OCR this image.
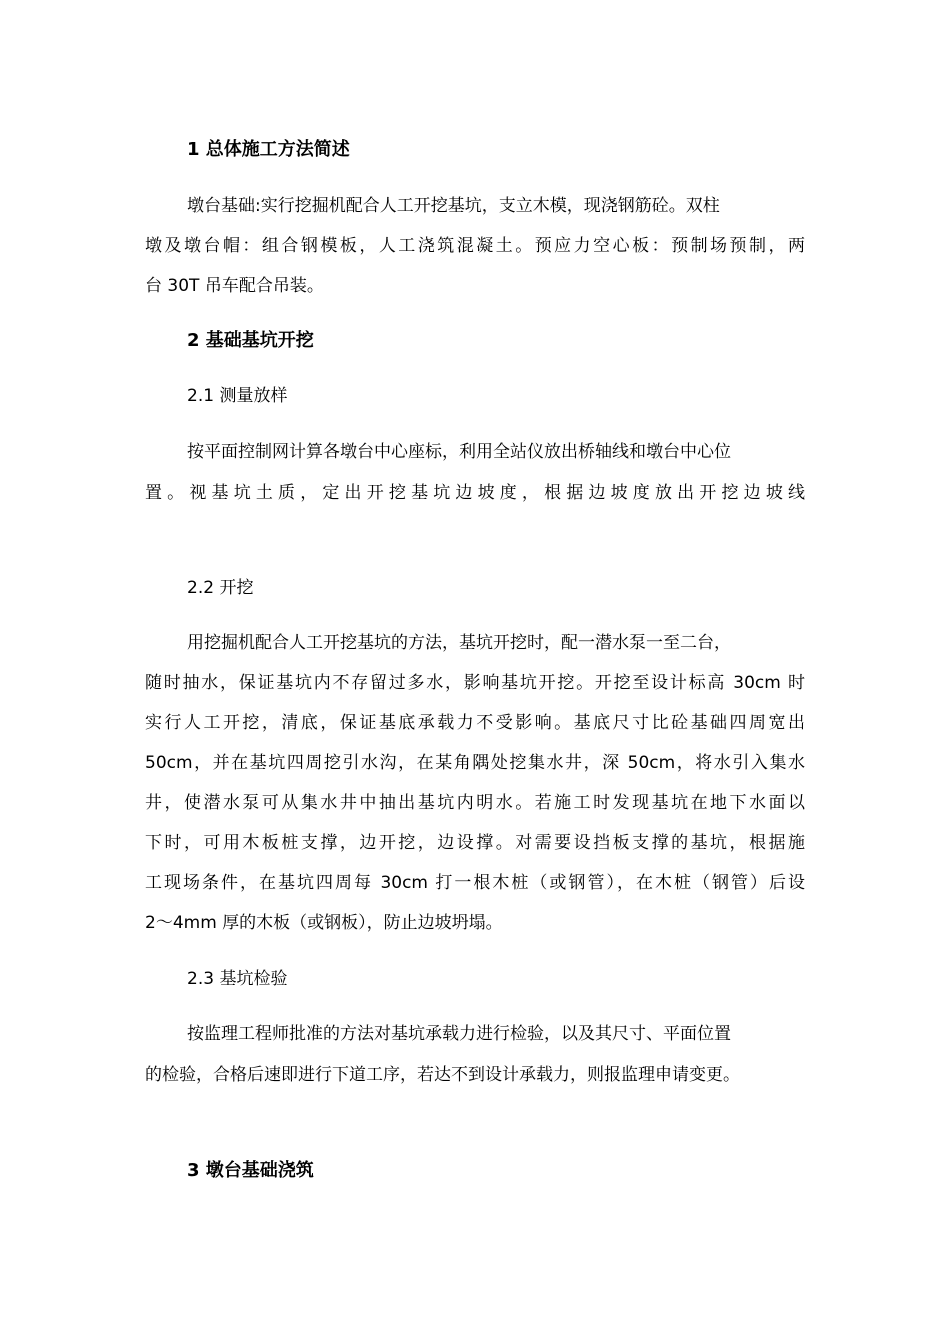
1 总体施工方法简述
墩台基础:实行挖掘机配合人工开挖基坑，支立木模，现浇钢筋砼。双柱
墩及墩台帽：组合钢模板，人工浇筑混凝土。预应力空心板：预制场预制，两
台 30T 吊车配合吊装。
2 基础基坑开挖
2.1 测量放样
按平面控制网计算各墩台中心座标，利用全站仪放出桥轴线和墩台中心位
置。视基坑土质，定出开挖基坑边坡度，根据边坡度放出开挖边坡线
2.2 开挖
用挖掘机配合人工开挖基坑的方法，基坑开挖时，配一潜水泵一至二台，
随时抽水，保证基坑内不存留过多水，影响基坑开挖。开挖至设计标高 30cm 时
实行人工开挖，清底，保证基底承载力不受影响。基底尺寸比砼基础四周宽出
50cm，并在基坑四周挖引水沟，在某角隅处挖集水井，深 50cm，将水引入集水
井，使潜水泵可从集水井中抽出基坑内明水。若施工时发现基坑在地下水面以
下时，可用木板桩支撑，边开挖，边设撑。对需要设挡板支撑的基坑，根据施
工现场条件，在基坑四周每 30cm 打一根木桩（或钢管），在木桩（钢管）后设
2～4mm 厚的木板（或钢板），防止边坡坍塌。
2.3 基坑检验
按监理工程师批准的方法对基坑承载力进行检验，以及其尺寸、平面位置
的检验，合格后速即进行下道工序，若达不到设计承载力，则报监理申请变更。
3 墩台基础浇筑
